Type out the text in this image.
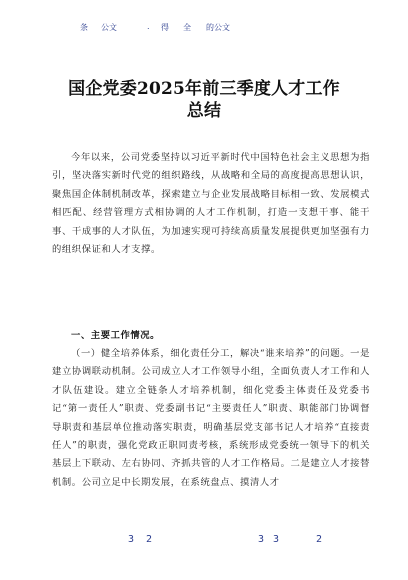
条 公文	. 得 全 的公文
国企党委2025年前三季度人才工作
总结
今年以来，公司党委坚持以习近平新时代中国特色社会主义思想为指引，坚决落实新时代党的组织路线，从战略和全局的高度提高思想认识，聚焦国企体制机制改革，探索建立与企业发展战略目标相一致、发展模式相匹配、经营管理方式相协调的人才工作机制，打造一支想干事、能干事、干成事的人才队伍，为加速实现可持续高质量发展提供更加坚强有力的组织保证和人才支撑。
一、主要工作情况。
（一）健全培养体系，细化责任分工，解决“谁来培养”的问题。一是建立协调联动机制。公司成立人才工作领导小组，全面负责人才工作和人才队伍建设。建立全链条人才培养机制，细化党委主体责任及党委书记“第一责任人”职责、党委副书记“主要责任人”职责、职能部门协调督导职责和基层单位推动落实职责，明确基层党支部书记人才培养“直接责任人”的职责，强化党政正职同责考核，系统形成党委统一领导下的机关基层上下联动、左右协同、齐抓共管的人才工作格局。二是建立人才接替机制。公司立足中长期发展，在系统盘点、摸清人才
3 2	3 3	2
